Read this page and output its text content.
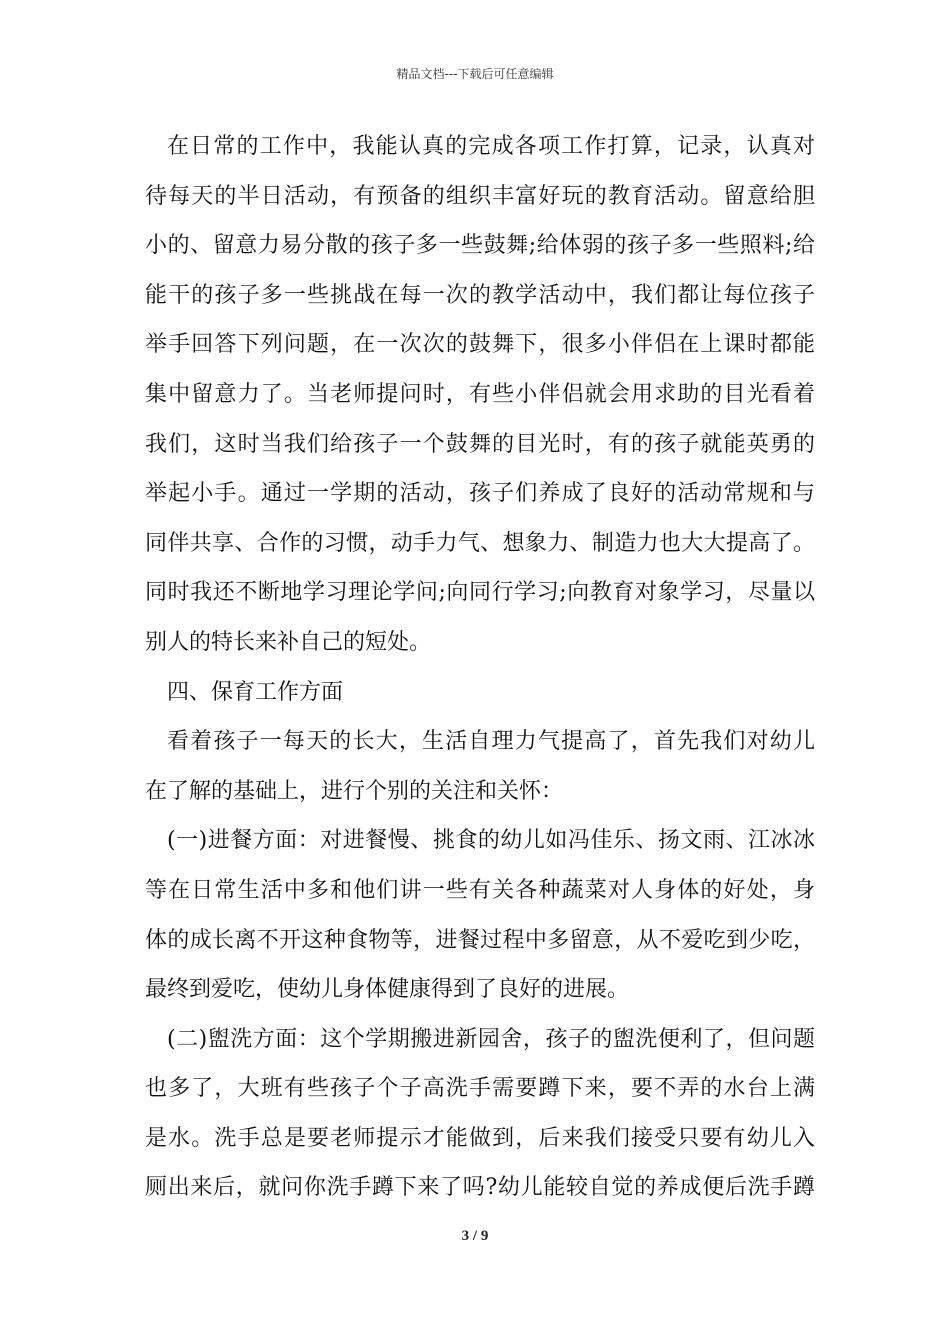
精品文档---下载后可任意编辑
在日常的工作中，我能认真的完成各项工作打算，记录，认真对
待每天的半日活动，有预备的组织丰富好玩的教育活动。留意给胆
小的、留意力易分散的孩子多一些鼓舞;给体弱的孩子多一些照料;给
能干的孩子多一些挑战在每一次的教学活动中，我们都让每位孩子
举手回答下列问题，在一次次的鼓舞下，很多小伴侣在上课时都能
集中留意力了。当老师提问时，有些小伴侣就会用求助的目光看着
我们，这时当我们给孩子一个鼓舞的目光时，有的孩子就能英勇的
举起小手。通过一学期的活动，孩子们养成了良好的活动常规和与
同伴共享、合作的习惯，动手力气、想象力、制造力也大大提高了。
同时我还不断地学习理论学问;向同行学习;向教育对象学习，尽量以
别人的特长来补自己的短处。
四、保育工作方面
看着孩子一每天的长大，生活自理力气提高了，首先我们对幼儿
在了解的基础上，进行个别的关注和关怀：
(一)进餐方面：对进餐慢、挑食的幼儿如冯佳乐、扬文雨、江冰冰
等在日常生活中多和他们讲一些有关各种蔬菜对人身体的好处，身
体的成长离不开这种食物等，进餐过程中多留意，从不爱吃到少吃，
最终到爱吃，使幼儿身体健康得到了良好的进展。
(二)盥洗方面：这个学期搬进新园舍，孩子的盥洗便利了，但问题
也多了，大班有些孩子个子高洗手需要蹲下来，要不弄的水台上满
是水。洗手总是要老师提示才能做到，后来我们接受只要有幼儿入
厕出来后，就问你洗手蹲下来了吗?幼儿能较自觉的养成便后洗手蹲
3 / 9
